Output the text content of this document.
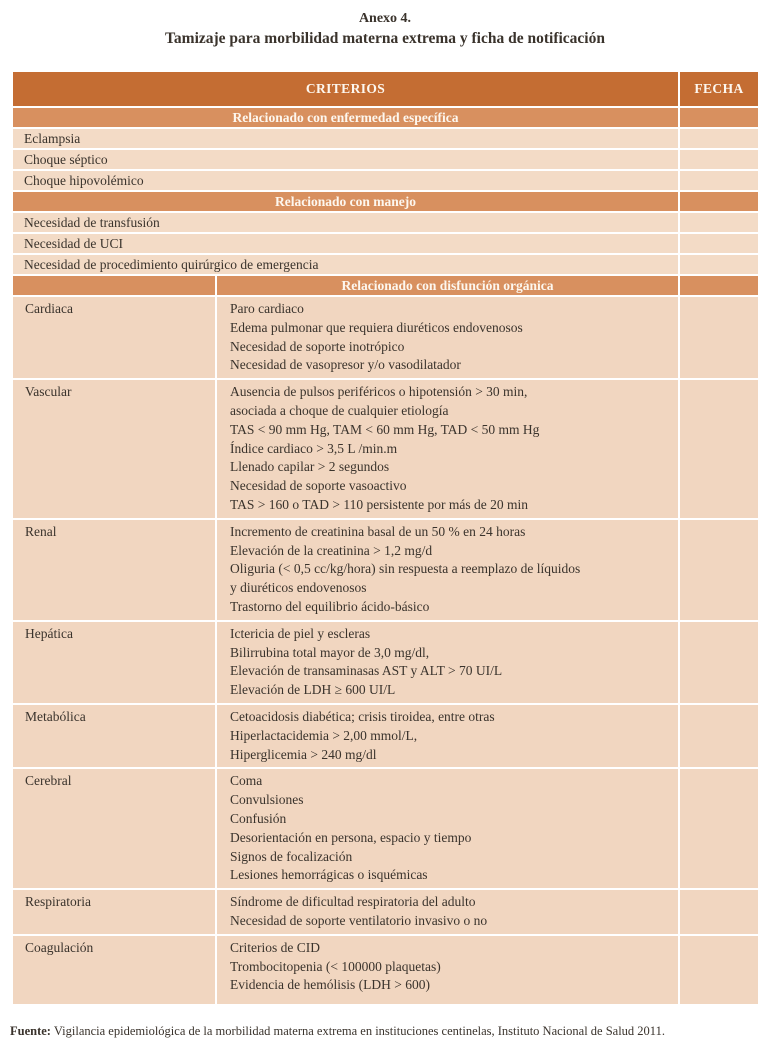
Anexo 4.
Tamizaje para morbilidad materna extrema y ficha de notificación
CRITERIOS		FECHA
Relacionado con enfermedad específica		
Eclampsia		
Choque séptico		
Choque hipovolémico		
Relacionado con manejo		
Necesidad de transfusión		
Necesidad de UCI		
Necesidad de procedimiento quirúrgico de emergencia		
	Relacionado con disfunción orgánica	
Cardiaca	Paro cardiaco
Edema pulmonar que requiera diuréticos endovenosos
Necesidad de soporte inotrópico
Necesidad de vasopresor y/o vasodilatador	

Vascular	Ausencia de pulsos periféricos o hipotensión > 30 min,
asociada a choque de cualquier etiología
TAS < 90 mm Hg, TAM < 60 mm Hg, TAD < 50 mm Hg
Índice cardiaco > 3,5 L /min.m
Llenado capilar > 2 segundos
Necesidad de soporte vasoactivo
TAS > 160 o TAD > 110 persistente por más de 20 min

Renal	Incremento de creatinina basal de un 50 % en 24 horas
Elevación de la creatinina > 1,2 mg/d
Oliguria (< 0,5 cc/kg/hora) sin respuesta a reemplazo de líquidos
y diuréticos endovenosos
Trastorno del equilibrio ácido-básico	

Hepática	Ictericia de piel y escleras
Bilirrubina total mayor de 3,0 mg/dl,
Elevación de transaminasas AST y ALT > 70 UI/L
Elevación de LDH ≥ 600 UI/L	

Metabólica	Cetoacidosis diabética; crisis tiroidea, entre otras
Hiperlactacidemia > 2,00 mmol/L,
Hiperglicemia > 240 mg/dl	

Cerebral	Coma
Convulsiones
Confusión
Desorientación en persona, espacio y tiempo
Signos de focalización
Lesiones hemorrágicas o isquémicas

Respiratoria	Síndrome de dificultad respiratoria del adulto
Necesidad de soporte ventilatorio invasivo o no	

Coagulación	Criterios de CID
Trombocitopenia (< 100000 plaquetas)
Evidencia de hemólisis (LDH > 600)	

Fuente: Vigilancia epidemiológica de la morbilidad materna extrema en instituciones centinelas, Instituto Nacional de Salud 2011.
